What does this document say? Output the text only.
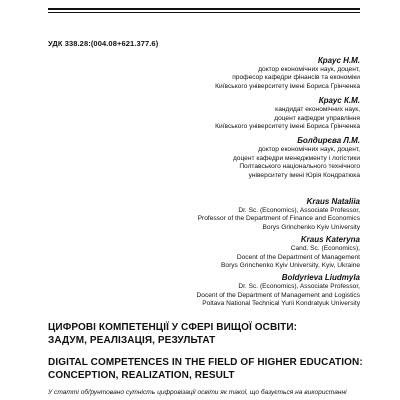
УДК 338.28:(004.08+621.377.6)
Краус Н.М.
доктор економічних наук, доцент,
професор кафедри фінансів та економіки
Київського університету імені Бориса Грінченка
Краус К.М.
кандидат економічних наук,
доцент кафедри управління
Київського університету імені Бориса Грінченка
Болдирєва Л.М.
доктор економічних наук, доцент,
доцент кафедри менеджменту і логістики
Полтавського національного технічного
університету імені Юрія Кондратюка
Kraus Nataliia
Dr. Sc. (Economics), Associate Professor,
Professor of the Department of Finance and Economics
Borys Grinchenko Kyiv University
Kraus Kateryna
Cand. Sc. (Economics),
Docent of the Department of Management
Borys Grinchenko Kyiv University, Kyiv, Ukraine
Boldyrieva Liudmyla
Dr. Sc. (Economics), Associate Professor,
Docent of the Department of Management and Logistics
Poltava National Technical Yurii Kondratyuk University
ЦИФРОВІ КОМПЕТЕНЦІЇ У СФЕРІ ВИЩОЇ ОСВІТИ:
ЗАДУМ, РЕАЛІЗАЦІЯ, РЕЗУЛЬТАТ
DIGITAL COMPETENCES IN THE FIELD OF HIGHER EDUCATION:
CONCEPTION, REALIZATION, RESULT
У статті обґрунтовано сутність цифровізації освіти як такої, що базується на використанні
